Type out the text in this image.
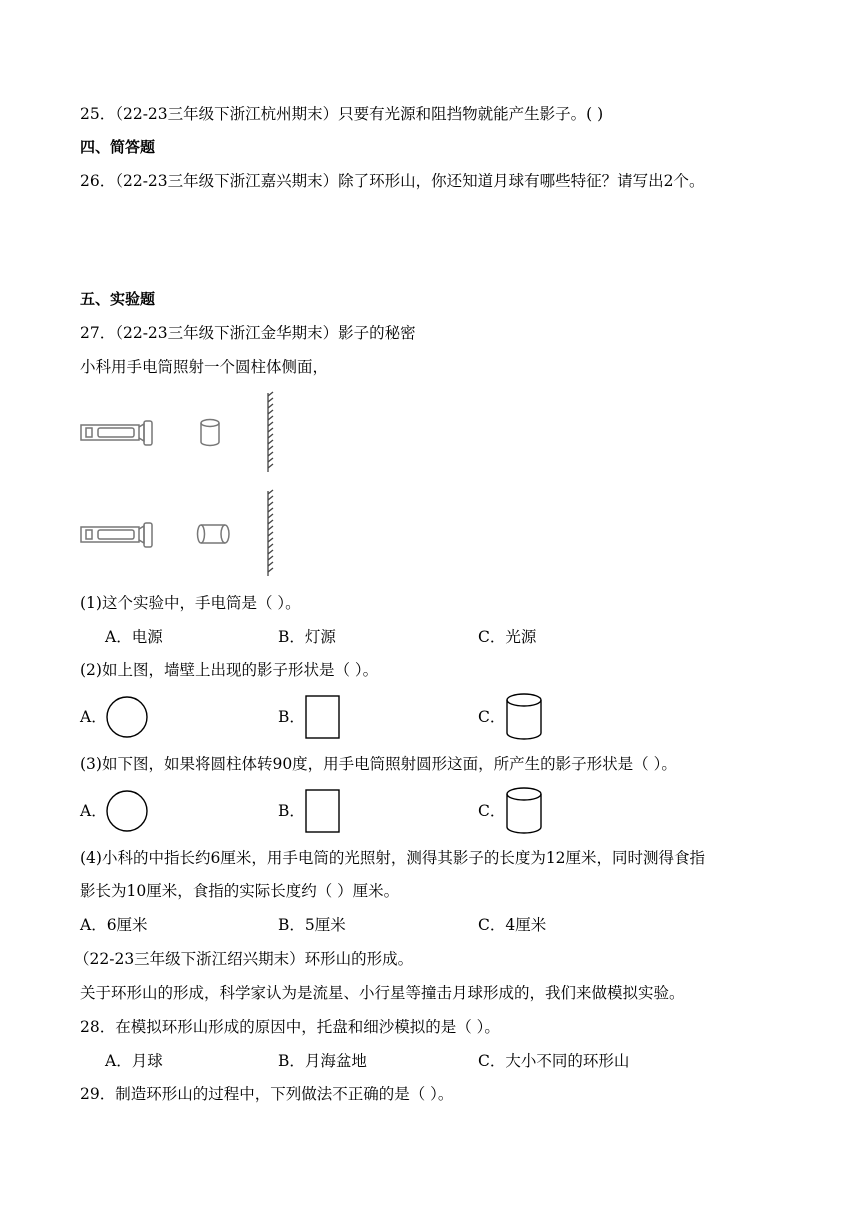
25．（22-23三年级下浙江杭州期末）只要有光源和阻挡物就能产生影子。( )
四、简答题
26．（22-23三年级下浙江嘉兴期末）除了环形山，你还知道月球有哪些特征？请写出2个。
五、实验题
27．（22-23三年级下浙江金华期末）影子的秘密
小科用手电筒照射一个圆柱体侧面，
(1)这个实验中，手电筒是（ ）。
A．电源	B．灯源	C．光源
(2)如上图，墙壁上出现的影子形状是（ ）。
A．	B．	C．
(3)如下图，如果将圆柱体转90度，用手电筒照射圆形这面，所产生的影子形状是（ ）。
A．	B．	C．
(4)小科的中指长约6厘米，用手电筒的光照射，测得其影子的长度为12厘米，同时测得食指
影长为10厘米，食指的实际长度约（ ）厘米。
A．6厘米	B．5厘米	C．4厘米
（22-23三年级下浙江绍兴期末）环形山的形成。
关于环形山的形成，科学家认为是流星、小行星等撞击月球形成的，我们来做模拟实验。
28．在模拟环形山形成的原因中，托盘和细沙模拟的是（ ）。
A．月球	B．月海盆地	C．大小不同的环形山
29．制造环形山的过程中，下列做法不正确的是（ ）。
